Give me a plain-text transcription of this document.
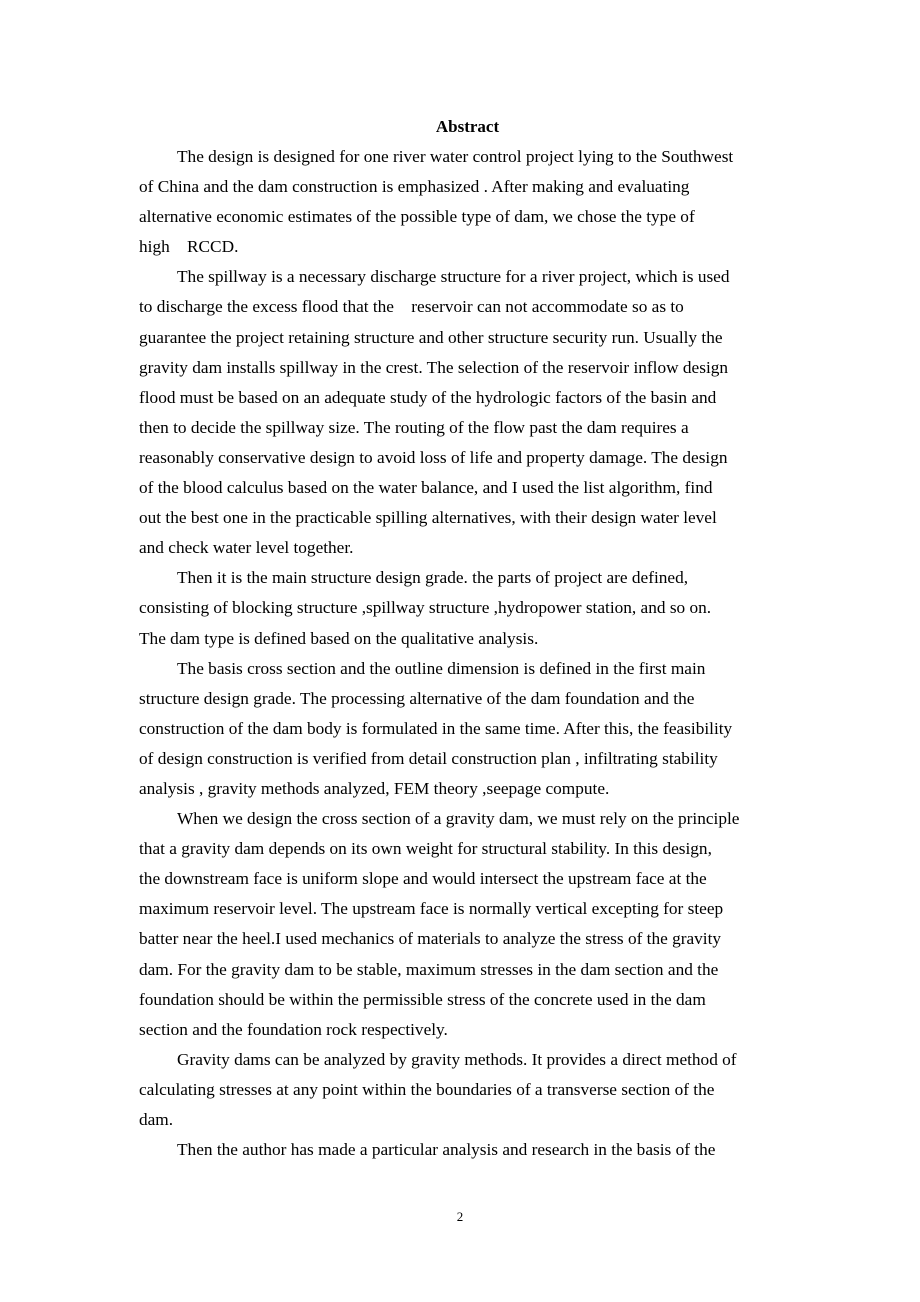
Abstract

The design is designed for one river water control project lying to the Southwest
of China and the dam construction is emphasized . After making and evaluating
alternative economic estimates of the possible type of dam, we chose the type of
high    RCCD.

The spillway is a necessary discharge structure for a river project, which is used
to discharge the excess flood that the    reservoir can not accommodate so as to
guarantee the project retaining structure and other structure security run. Usually the
gravity dam installs spillway in the crest. The selection of the reservoir inflow design
flood must be based on an adequate study of the hydrologic factors of the basin and
then to decide the spillway size. The routing of the flow past the dam requires a
reasonably conservative design to avoid loss of life and property damage. The design
of the blood calculus based on the water balance, and I used the list algorithm, find
out the best one in the practicable spilling alternatives, with their design water level
and check water level together.

Then it is the main structure design grade. the parts of project are defined,
consisting of blocking structure ,spillway structure ,hydropower station, and so on.
The dam type is defined based on the qualitative analysis.

The basis cross section and the outline dimension is defined in the first main
structure design grade. The processing alternative of the dam foundation and the
construction of the dam body is formulated in the same time. After this, the feasibility
of design construction is verified from detail construction plan , infiltrating stability
analysis , gravity methods analyzed, FEM theory ,seepage compute.

When we design the cross section of a gravity dam, we must rely on the principle
that a gravity dam depends on its own weight for structural stability. In this design,
the downstream face is uniform slope and would intersect the upstream face at the
maximum reservoir level. The upstream face is normally vertical excepting for steep
batter near the heel.I used mechanics of materials to analyze the stress of the gravity
dam. For the gravity dam to be stable, maximum stresses in the dam section and the
foundation should be within the permissible stress of the concrete used in the dam
section and the foundation rock respectively.

Gravity dams can be analyzed by gravity methods. It provides a direct method of
calculating stresses at any point within the boundaries of a transverse section of the
dam.

Then the author has made a particular analysis and research in the basis of the

2
